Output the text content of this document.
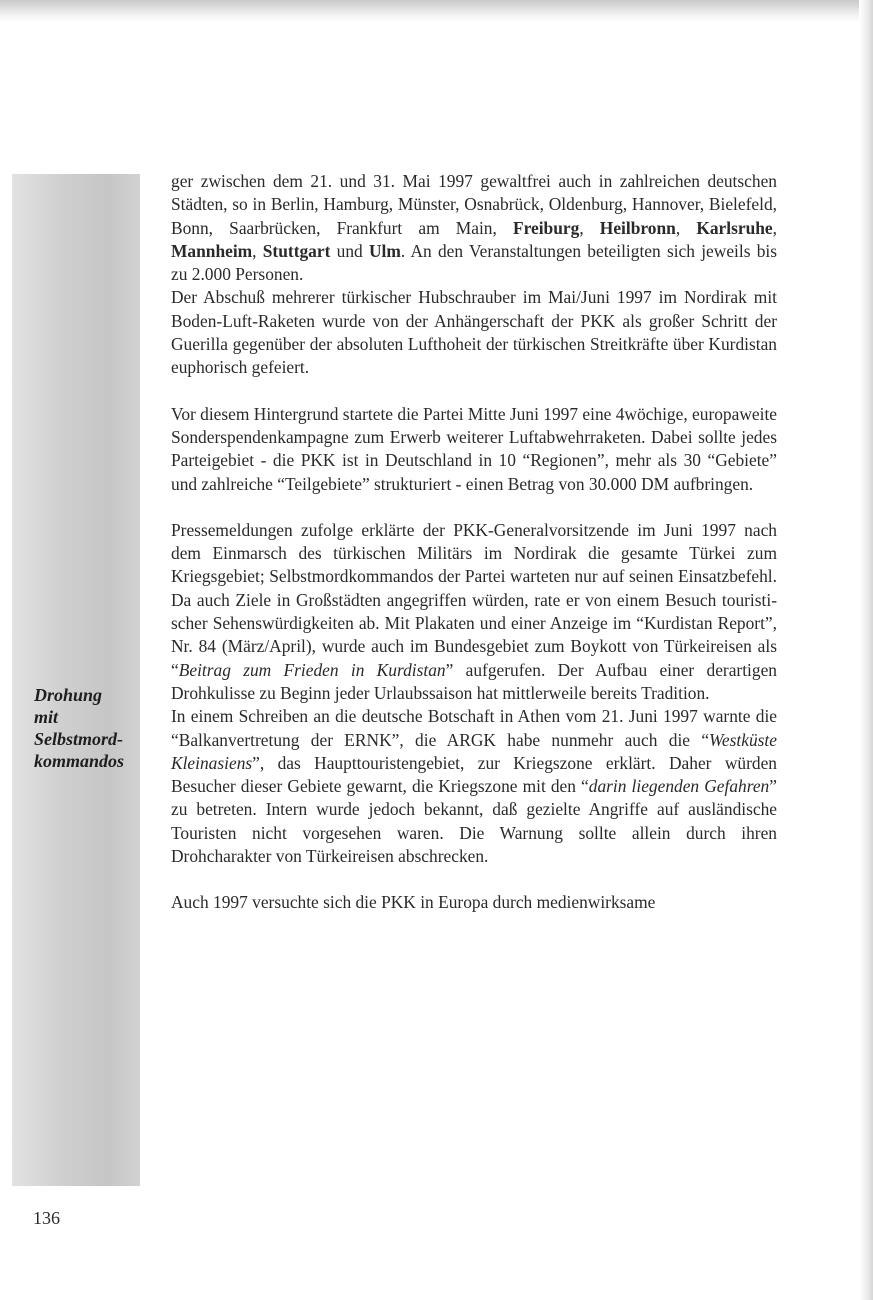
Drohung
mit
Selbstmord-
kommandos

ger zwischen dem 21. und 31. Mai 1997 gewaltfrei auch in zahlreichen deutschen Städten, so in Berlin, Hamburg, Münster, Osnabrück, Oldenburg, Hannover, Bielefeld, Bonn, Saarbrücken, Frankfurt am Main, Freiburg, Heilbronn, Karlsruhe, Mannheim, Stuttgart und Ulm. An den Veranstaltungen beteiligten sich jeweils bis zu 2.000 Personen.

Der Abschuß mehrerer türkischer Hubschrauber im Mai/Juni 1997 im Nordirak mit Boden-Luft-Raketen wurde von der Anhängerschaft der PKK als großer Schritt der Guerilla gegenüber der absoluten Lufthoheit der türkischen Streitkräfte über Kurdistan euphorisch gefeiert.

Vor diesem Hintergrund startete die Partei Mitte Juni 1997 eine 4wöchige, europaweite Sonderspendenkampagne zum Erwerb weiterer Luftabwehrraketen. Dabei sollte jedes Parteigebiet - die PKK ist in Deutschland in 10 “Regionen”, mehr als 30 “Gebiete” und zahlreiche “Teilgebiete” strukturiert - einen Betrag von 30.000 DM aufbringen.

Pressemeldungen zufolge erklärte der PKK-Generalvorsitzende im Juni 1997 nach dem Einmarsch des türkischen Militärs im Nordirak die gesamte Türkei zum Kriegsgebiet; Selbstmordkommandos der Partei warteten nur auf seinen Einsatzbefehl. Da auch Ziele in Großstädten angegriffen würden, rate er von einem Besuch touristischer Sehenswürdigkeiten ab. Mit Plakaten und einer Anzeige im “Kurdistan Report”, Nr. 84 (März/April), wurde auch im Bundesgebiet zum Boykott von Türkeireisen als “Beitrag zum Frieden in Kurdistan” aufgerufen. Der Aufbau einer derartigen Drohkulisse zu Beginn jeder Urlaubssaison hat mittlerweile bereits Tradition.

In einem Schreiben an die deutsche Botschaft in Athen vom 21. Juni 1997 warnte die “Balkanvertretung der ERNK”, die ARGK habe nunmehr auch die “Westküste Kleinasiens”, das Haupttouristengebiet, zur Kriegszone erklärt. Daher würden Besucher dieser Gebiete gewarnt, die Kriegszone mit den “darin liegenden Gefahren” zu betreten. Intern wurde jedoch bekannt, daß gezielte Angriffe auf ausländische Touristen nicht vorgesehen waren. Die Warnung sollte allein durch ihren Drohcharakter von Türkeireisen abschrecken.

Auch 1997 versuchte sich die PKK in Europa durch medienwirksame

136
